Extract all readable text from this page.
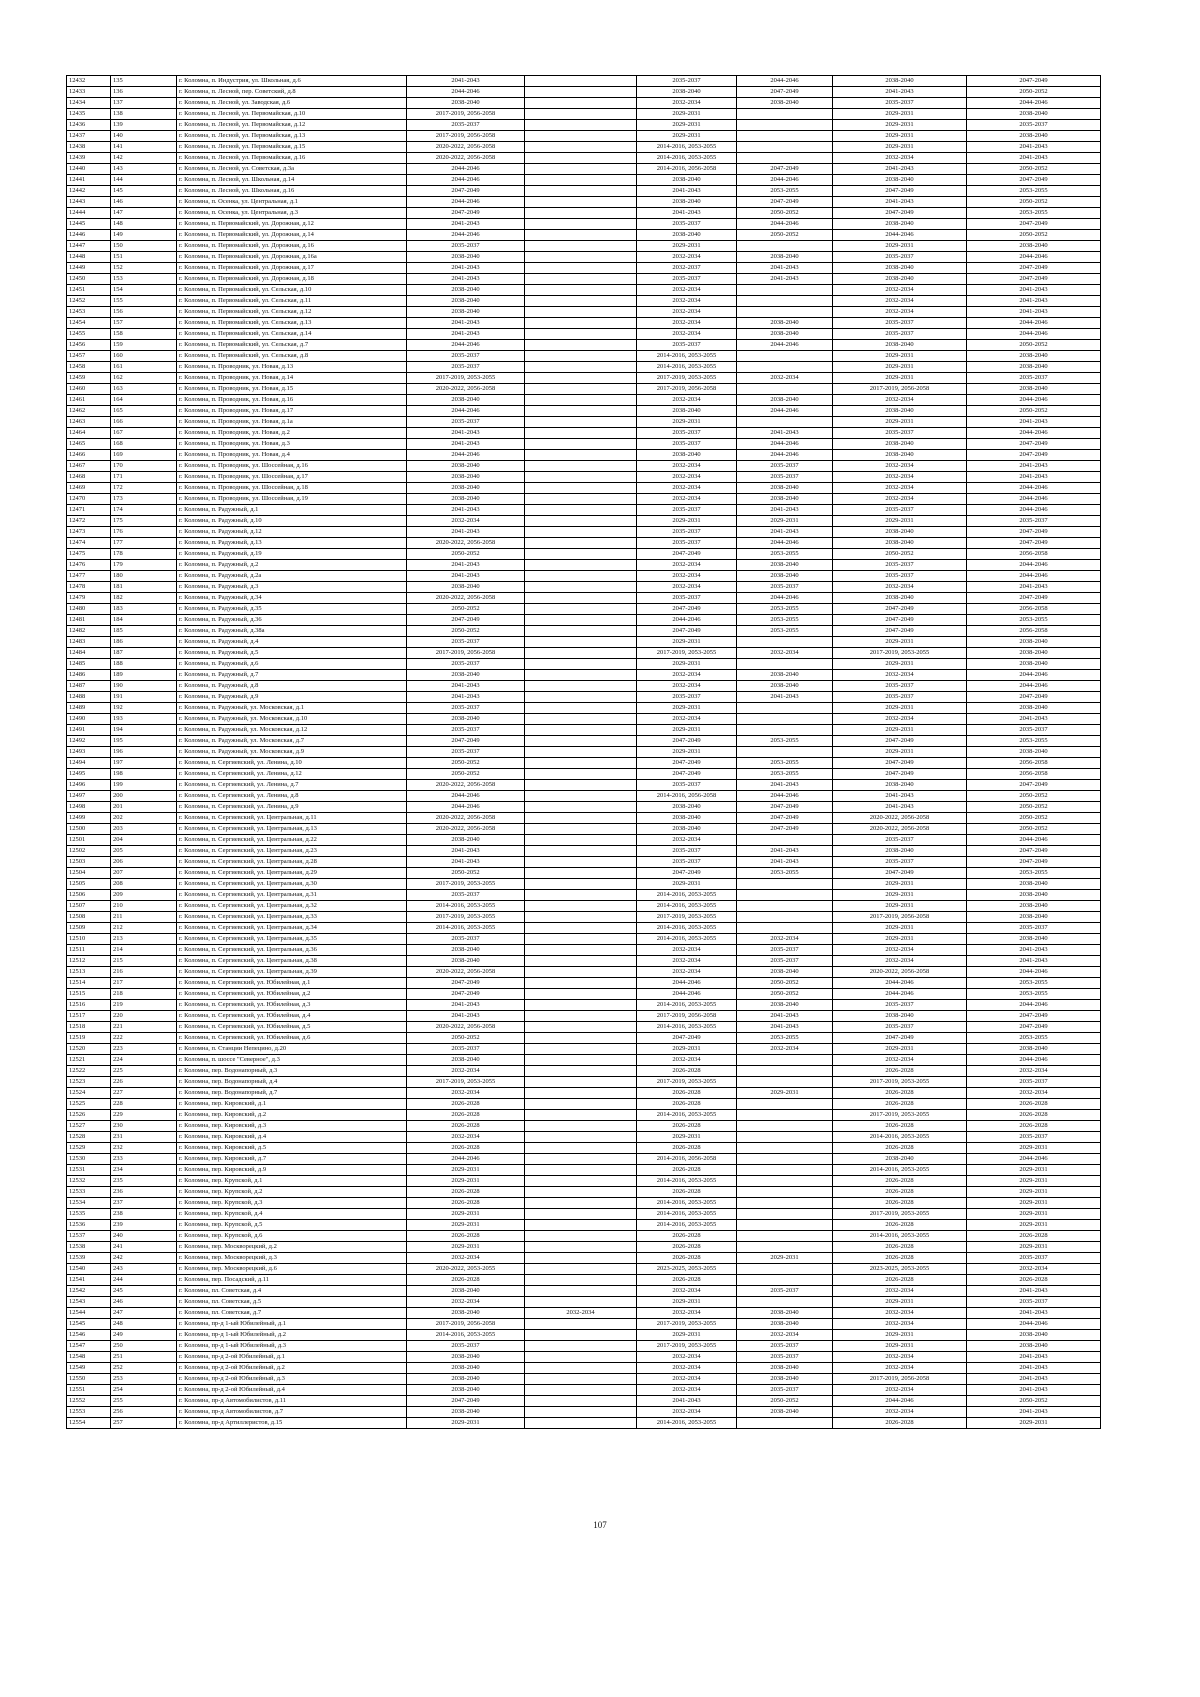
12432	135	г. Коломна, п. Индустрия, ул. Школьная, д.6	2041-2043		2035-2037	2044-2046	2038-2040	2047-2049
12433	136	г. Коломна, п. Лесной, пер. Советский, д.8	2044-2046		2038-2040	2047-2049	2041-2043	2050-2052
12434	137	г. Коломна, п. Лесной, ул. Заводская, д.6	2038-2040		2032-2034	2038-2040	2035-2037	2044-2046
12435	138	г. Коломна, п. Лесной, ул. Первомайская, д.10	2017-2019, 2056-2058		2029-2031		2029-2031	2038-2040
12436	139	г. Коломна, п. Лесной, ул. Первомайская, д.12	2035-2037		2029-2031		2029-2031	2035-2037
12437	140	г. Коломна, п. Лесной, ул. Первомайская, д.13	2017-2019, 2056-2058		2029-2031		2029-2031	2038-2040
12438	141	г. Коломна, п. Лесной, ул. Первомайская, д.15	2020-2022, 2056-2058		2014-2016, 2053-2055		2029-2031	2041-2043
12439	142	г. Коломна, п. Лесной, ул. Первомайская, д.16	2020-2022, 2056-2058		2014-2016, 2053-2055		2032-2034	2041-2043
12440	143	г. Коломна, п. Лесной, ул. Советская, д.3а	2044-2046		2014-2016, 2056-2058	2047-2049	2041-2043	2050-2052
12441	144	г. Коломна, п. Лесной, ул. Школьная, д.14	2044-2046		2038-2040	2044-2046	2038-2040	2047-2049
12442	145	г. Коломна, п. Лесной, ул. Школьная, д.16	2047-2049		2041-2043	2053-2055	2047-2049	2053-2055
12443	146	г. Коломна, п. Осенка, ул. Центральная, д.1	2044-2046		2038-2040	2047-2049	2041-2043	2050-2052
12444	147	г. Коломна, п. Осенка, ул. Центральная, д.3	2047-2049		2041-2043	2050-2052	2047-2049	2053-2055
12445	148	г. Коломна, п. Первомайский, ул. Дорожная, д.12	2041-2043		2035-2037	2044-2046	2038-2040	2047-2049
12446	149	г. Коломна, п. Первомайский, ул. Дорожная, д.14	2044-2046		2038-2040	2050-2052	2044-2046	2050-2052
12447	150	г. Коломна, п. Первомайский, ул. Дорожная, д.16	2035-2037		2029-2031		2029-2031	2038-2040
12448	151	г. Коломна, п. Первомайский, ул. Дорожная, д.16а	2038-2040		2032-2034	2038-2040	2035-2037	2044-2046
12449	152	г. Коломна, п. Первомайский, ул. Дорожная, д.17	2041-2043		2032-2037	2041-2043	2038-2040	2047-2049
12450	153	г. Коломна, п. Первомайский, ул. Дорожная, д.18	2041-2043		2035-2037	2041-2043	2038-2040	2047-2049
12451	154	г. Коломна, п. Первомайский, ул. Сельская, д.10	2038-2040		2032-2034		2032-2034	2041-2043
12452	155	г. Коломна, п. Первомайский, ул. Сельская, д.11	2038-2040		2032-2034		2032-2034	2041-2043
12453	156	г. Коломна, п. Первомайский, ул. Сельская, д.12	2038-2040		2032-2034		2032-2034	2041-2043
12454	157	г. Коломна, п. Первомайский, ул. Сельская, д.13	2041-2043		2032-2034	2038-2040	2035-2037	2044-2046
12455	158	г. Коломна, п. Первомайский, ул. Сельская, д.14	2041-2043		2032-2034	2038-2040	2035-2037	2044-2046
12456	159	г. Коломна, п. Первомайский, ул. Сельская, д.7	2044-2046		2035-2037	2044-2046	2038-2040	2050-2052
12457	160	г. Коломна, п. Первомайский, ул. Сельская, д.8	2035-2037		2014-2016, 2053-2055		2029-2031	2038-2040
12458	161	г. Коломна, п. Проводник, ул. Новая, д.13	2035-2037		2014-2016, 2053-2055		2029-2031	2038-2040
12459	162	г. Коломна, п. Проводник, ул. Новая, д.14	2017-2019, 2053-2055		2017-2019, 2053-2055	2032-2034	2029-2031	2035-2037
12460	163	г. Коломна, п. Проводник, ул. Новая, д.15	2020-2022, 2056-2058		2017-2019, 2056-2058		2017-2019, 2056-2058	2038-2040
12461	164	г. Коломна, п. Проводник, ул. Новая, д.16	2038-2040		2032-2034	2038-2040	2032-2034	2044-2046
12462	165	г. Коломна, п. Проводник, ул. Новая, д.17	2044-2046		2038-2040	2044-2046	2038-2040	2050-2052
12463	166	г. Коломна, п. Проводник, ул. Новая, д.1а	2035-2037		2029-2031		2029-2031	2041-2043
12464	167	г. Коломна, п. Проводник, ул. Новая, д.2	2041-2043		2035-2037	2041-2043	2035-2037	2044-2046
12465	168	г. Коломна, п. Проводник, ул. Новая, д.3	2041-2043		2035-2037	2044-2046	2038-2040	2047-2049
12466	169	г. Коломна, п. Проводник, ул. Новая, д.4	2044-2046		2038-2040	2044-2046	2038-2040	2047-2049
12467	170	г. Коломна, п. Проводник, ул. Шоссейная, д.16	2038-2040		2032-2034	2035-2037	2032-2034	2041-2043
12468	171	г. Коломна, п. Проводник, ул. Шоссейная, д.17	2038-2040		2032-2034	2035-2037	2032-2034	2041-2043
12469	172	г. Коломна, п. Проводник, ул. Шоссейная, д.18	2038-2040		2032-2034	2038-2040	2032-2034	2044-2046
12470	173	г. Коломна, п. Проводник, ул. Шоссейная, д.19	2038-2040		2032-2034	2038-2040	2032-2034	2044-2046
12471	174	г. Коломна, п. Радужный, д.1	2041-2043		2035-2037	2041-2043	2035-2037	2044-2046
12472	175	г. Коломна, п. Радужный, д.10	2032-2034		2029-2031	2029-2031	2029-2031	2035-2037
12473	176	г. Коломна, п. Радужный, д.12	2041-2043		2035-2037	2041-2043	2038-2040	2047-2049
12474	177	г. Коломна, п. Радужный, д.13	2020-2022, 2056-2058		2035-2037	2044-2046	2038-2040	2047-2049
12475	178	г. Коломна, п. Радужный, д.19	2050-2052		2047-2049	2053-2055	2050-2052	2056-2058
12476	179	г. Коломна, п. Радужный, д.2	2041-2043		2032-2034	2038-2040	2035-2037	2044-2046
12477	180	г. Коломна, п. Радужный, д.2а	2041-2043		2032-2034	2038-2040	2035-2037	2044-2046
12478	181	г. Коломна, п. Радужный, д.3	2038-2040		2032-2034	2035-2037	2032-2034	2041-2043
12479	182	г. Коломна, п. Радужный, д.34	2020-2022, 2056-2058		2035-2037	2044-2046	2038-2040	2047-2049
12480	183	г. Коломна, п. Радужный, д.35	2050-2052		2047-2049	2053-2055	2047-2049	2056-2058
12481	184	г. Коломна, п. Радужный, д.36	2047-2049		2044-2046	2053-2055	2047-2049	2053-2055
12482	185	г. Коломна, п. Радужный, д.38а	2050-2052		2047-2049	2053-2055	2047-2049	2056-2058
12483	186	г. Коломна, п. Радужный, д.4	2035-2037		2029-2031		2029-2031	2038-2040
12484	187	г. Коломна, п. Радужный, д.5	2017-2019, 2056-2058		2017-2019, 2053-2055	2032-2034	2017-2019, 2053-2055	2038-2040
12485	188	г. Коломна, п. Радужный, д.6	2035-2037		2029-2031		2029-2031	2038-2040
12486	189	г. Коломна, п. Радужный, д.7	2038-2040		2032-2034	2038-2040	2032-2034	2044-2046
12487	190	г. Коломна, п. Радужный, д.8	2041-2043		2032-2034	2038-2040	2035-2037	2044-2046
12488	191	г. Коломна, п. Радужный, д.9	2041-2043		2035-2037	2041-2043	2035-2037	2047-2049
12489	192	г. Коломна, п. Радужный, ул. Московская, д.1	2035-2037		2029-2031		2029-2031	2038-2040
12490	193	г. Коломна, п. Радужный, ул. Московская, д.10	2038-2040		2032-2034		2032-2034	2041-2043
12491	194	г. Коломна, п. Радужный, ул. Московская, д.12	2035-2037		2029-2031		2029-2031	2035-2037
12492	195	г. Коломна, п. Радужный, ул. Московская, д.7	2047-2049		2047-2049	2053-2055	2047-2049	2053-2055
12493	196	г. Коломна, п. Радужный, ул. Московская, д.9	2035-2037		2029-2031		2029-2031	2038-2040
12494	197	г. Коломна, п. Сергиевский, ул. Ленина, д.10	2050-2052		2047-2049	2053-2055	2047-2049	2056-2058
12495	198	г. Коломна, п. Сергиевский, ул. Ленина, д.12	2050-2052		2047-2049	2053-2055	2047-2049	2056-2058
12496	199	г. Коломна, п. Сергиевский, ул. Ленина, д.7	2020-2022, 2056-2058		2035-2037	2041-2043	2038-2040	2047-2049
12497	200	г. Коломна, п. Сергиевский, ул. Ленина, д.8	2044-2046		2014-2016, 2056-2058	2044-2046	2041-2043	2050-2052
12498	201	г. Коломна, п. Сергиевский, ул. Ленина, д.9	2044-2046		2038-2040	2047-2049	2041-2043	2050-2052
12499	202	г. Коломна, п. Сергиевский, ул. Центральная, д.11	2020-2022, 2056-2058		2038-2040	2047-2049	2020-2022, 2056-2058	2050-2052
12500	203	г. Коломна, п. Сергиевский, ул. Центральная, д.13	2020-2022, 2056-2058		2038-2040	2047-2049	2020-2022, 2056-2058	2050-2052
12501	204	г. Коломна, п. Сергиевский, ул. Центральная, д.22	2038-2040		2032-2034		2035-2037	2044-2046
12502	205	г. Коломна, п. Сергиевский, ул. Центральная, д.23	2041-2043		2035-2037	2041-2043	2038-2040	2047-2049
12503	206	г. Коломна, п. Сергиевский, ул. Центральная, д.28	2041-2043		2035-2037	2041-2043	2035-2037	2047-2049
12504	207	г. Коломна, п. Сергиевский, ул. Центральная, д.29	2050-2052		2047-2049	2053-2055	2047-2049	2053-2055
12505	208	г. Коломна, п. Сергиевский, ул. Центральная, д.30	2017-2019, 2053-2055		2029-2031		2029-2031	2038-2040
12506	209	г. Коломна, п. Сергиевский, ул. Центральная, д.31	2035-2037		2014-2016, 2053-2055		2029-2031	2038-2040
12507	210	г. Коломна, п. Сергиевский, ул. Центральная, д.32	2014-2016, 2053-2055		2014-2016, 2053-2055		2029-2031	2038-2040
12508	211	г. Коломна, п. Сергиевский, ул. Центральная, д.33	2017-2019, 2053-2055		2017-2019, 2053-2055		2017-2019, 2056-2058	2038-2040
12509	212	г. Коломна, п. Сергиевский, ул. Центральная, д.34	2014-2016, 2053-2055		2014-2016, 2053-2055		2029-2031	2035-2037
12510	213	г. Коломна, п. Сергиевский, ул. Центральная, д.35	2035-2037		2014-2016, 2053-2055	2032-2034	2029-2031	2038-2040
12511	214	г. Коломна, п. Сергиевский, ул. Центральная, д.36	2038-2040		2032-2034	2035-2037	2032-2034	2041-2043
12512	215	г. Коломна, п. Сергиевский, ул. Центральная, д.38	2038-2040		2032-2034	2035-2037	2032-2034	2041-2043
12513	216	г. Коломна, п. Сергиевский, ул. Центральная, д.39	2020-2022, 2056-2058		2032-2034	2038-2040	2020-2022, 2056-2058	2044-2046
12514	217	г. Коломна, п. Сергиевский, ул. Юбилейная, д.1	2047-2049		2044-2046	2050-2052	2044-2046	2053-2055
12515	218	г. Коломна, п. Сергиевский, ул. Юбилейная, д.2	2047-2049		2044-2046	2050-2052	2044-2046	2053-2055
12516	219	г. Коломна, п. Сергиевский, ул. Юбилейная, д.3	2041-2043		2014-2016, 2053-2055	2038-2040	2035-2037	2044-2046
12517	220	г. Коломна, п. Сергиевский, ул. Юбилейная, д.4	2041-2043		2017-2019, 2056-2058	2041-2043	2038-2040	2047-2049
12518	221	г. Коломна, п. Сергиевский, ул. Юбилейная, д.5	2020-2022, 2056-2058		2014-2016, 2053-2055	2041-2043	2035-2037	2047-2049
12519	222	г. Коломна, п. Сергиевский, ул. Юбилейная, д.6	2050-2052		2047-2049	2053-2055	2047-2049	2053-2055
12520	223	г. Коломна, п. Станции Непецино, д.20	2035-2037		2029-2031	2032-2034	2029-2031	2038-2040
12521	224	г. Коломна, п. шоссе "Северное", д.3	2038-2040		2032-2034		2032-2034	2044-2046
12522	225	г. Коломна, пер. Водонапорный, д.3	2032-2034		2026-2028		2026-2028	2032-2034
12523	226	г. Коломна, пер. Водонапорный, д.4	2017-2019, 2053-2055		2017-2019, 2053-2055		2017-2019, 2053-2055	2035-2037
12524	227	г. Коломна, пер. Водонапорный, д.7	2032-2034		2026-2028	2029-2031	2026-2028	2032-2034
12525	228	г. Коломна, пер. Кировский, д.1	2026-2028		2026-2028		2026-2028	2026-2028
12526	229	г. Коломна, пер. Кировский, д.2	2026-2028		2014-2016, 2053-2055		2017-2019, 2053-2055	2026-2028
12527	230	г. Коломна, пер. Кировский, д.3	2026-2028		2026-2028		2026-2028	2026-2028
12528	231	г. Коломна, пер. Кировский, д.4	2032-2034		2029-2031		2014-2016, 2053-2055	2035-2037
12529	232	г. Коломна, пер. Кировский, д.5	2026-2028		2026-2028		2026-2028	2029-2031
12530	233	г. Коломна, пер. Кировский, д.7	2044-2046		2014-2016, 2056-2058		2038-2040	2044-2046
12531	234	г. Коломна, пер. Кировский, д.9	2029-2031		2026-2028		2014-2016, 2053-2055	2029-2031
12532	235	г. Коломна, пер. Крупской, д.1	2029-2031		2014-2016, 2053-2055		2026-2028	2029-2031
12533	236	г. Коломна, пер. Крупской, д.2	2026-2028		2026-2028		2026-2028	2029-2031
12534	237	г. Коломна, пер. Крупской, д.3	2026-2028		2014-2016, 2053-2055		2026-2028	2029-2031
12535	238	г. Коломна, пер. Крупской, д.4	2029-2031		2014-2016, 2053-2055		2017-2019, 2053-2055	2029-2031
12536	239	г. Коломна, пер. Крупской, д.5	2029-2031		2014-2016, 2053-2055		2026-2028	2029-2031
12537	240	г. Коломна, пер. Крупской, д.6	2026-2028		2026-2028		2014-2016, 2053-2055	2026-2028
12538	241	г. Коломна, пер. Москворецкий, д.2	2029-2031		2026-2028		2026-2028	2029-2031
12539	242	г. Коломна, пер. Москворецкий, д.3	2032-2034		2026-2028	2029-2031	2026-2028	2035-2037
12540	243	г. Коломна, пер. Москворецкий, д.6	2020-2022, 2053-2055		2023-2025, 2053-2055		2023-2025, 2053-2055	2032-2034
12541	244	г. Коломна, пер. Посадский, д.11	2026-2028		2026-2028		2026-2028	2026-2028
12542	245	г. Коломна, пл. Советская, д.4	2038-2040		2032-2034	2035-2037	2032-2034	2041-2043
12543	246	г. Коломна, пл. Советская, д.5	2032-2034		2029-2031		2029-2031	2035-2037
12544	247	г. Коломна, пл. Советская, д.7	2038-2040	2032-2034	2032-2034	2038-2040	2032-2034	2041-2043
12545	248	г. Коломна, пр-д 1-ый Юбилейный, д.1	2017-2019, 2056-2058		2017-2019, 2053-2055	2038-2040	2032-2034	2044-2046
12546	249	г. Коломна, пр-д 1-ый Юбилейный, д.2	2014-2016, 2053-2055		2029-2031	2032-2034	2029-2031	2038-2040
12547	250	г. Коломна, пр-д 1-ый Юбилейный, д.3	2035-2037		2017-2019, 2053-2055	2035-2037	2029-2031	2038-2040
12548	251	г. Коломна, пр-д 2-ой Юбилейный, д.1	2038-2040		2032-2034	2035-2037	2032-2034	2041-2043
12549	252	г. Коломна, пр-д 2-ой Юбилейный, д.2	2038-2040		2032-2034	2038-2040	2032-2034	2041-2043
12550	253	г. Коломна, пр-д 2-ой Юбилейный, д.3	2038-2040		2032-2034	2038-2040	2017-2019, 2056-2058	2041-2043
12551	254	г. Коломна, пр-д 2-ой Юбилейный, д.4	2038-2040		2032-2034	2035-2037	2032-2034	2041-2043
12552	255	г. Коломна, пр-д Автомобилистов, д.11	2047-2049		2041-2043	2050-2052	2044-2046	2050-2052
12553	256	г. Коломна, пр-д Автомобилистов, д.7	2038-2040		2032-2034	2038-2040	2032-2034	2041-2043
12554	257	г. Коломна, пр-д Артиллеристов, д.15	2029-2031		2014-2016, 2053-2055		2026-2028	2029-2031
107
